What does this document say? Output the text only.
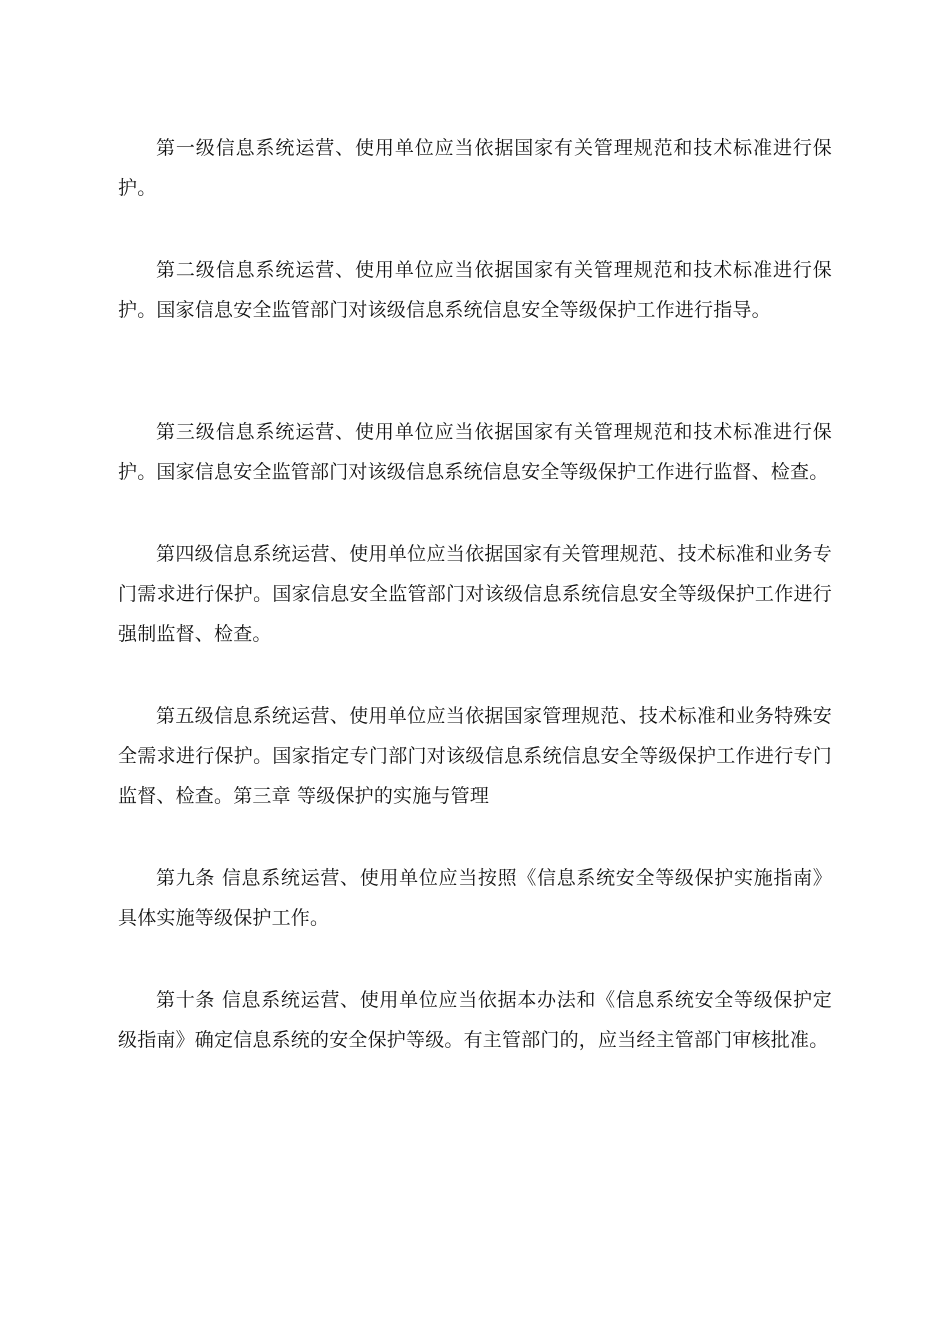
第一级信息系统运营、使用单位应当依据国家有关管理规范和技术标准进行保护。

第二级信息系统运营、使用单位应当依据国家有关管理规范和技术标准进行保护。国家信息安全监管部门对该级信息系统信息安全等级保护工作进行指导。

第三级信息系统运营、使用单位应当依据国家有关管理规范和技术标准进行保护。国家信息安全监管部门对该级信息系统信息安全等级保护工作进行监督、检查。

第四级信息系统运营、使用单位应当依据国家有关管理规范、技术标准和业务专门需求进行保护。国家信息安全监管部门对该级信息系统信息安全等级保护工作进行强制监督、检查。

第五级信息系统运营、使用单位应当依据国家管理规范、技术标准和业务特殊安全需求进行保护。国家指定专门部门对该级信息系统信息安全等级保护工作进行专门监督、检查。第三章 等级保护的实施与管理

第九条 信息系统运营、使用单位应当按照《信息系统安全等级保护实施指南》具体实施等级保护工作。

第十条 信息系统运营、使用单位应当依据本办法和《信息系统安全等级保护定级指南》确定信息系统的安全保护等级。有主管部门的，应当经主管部门审核批准。
